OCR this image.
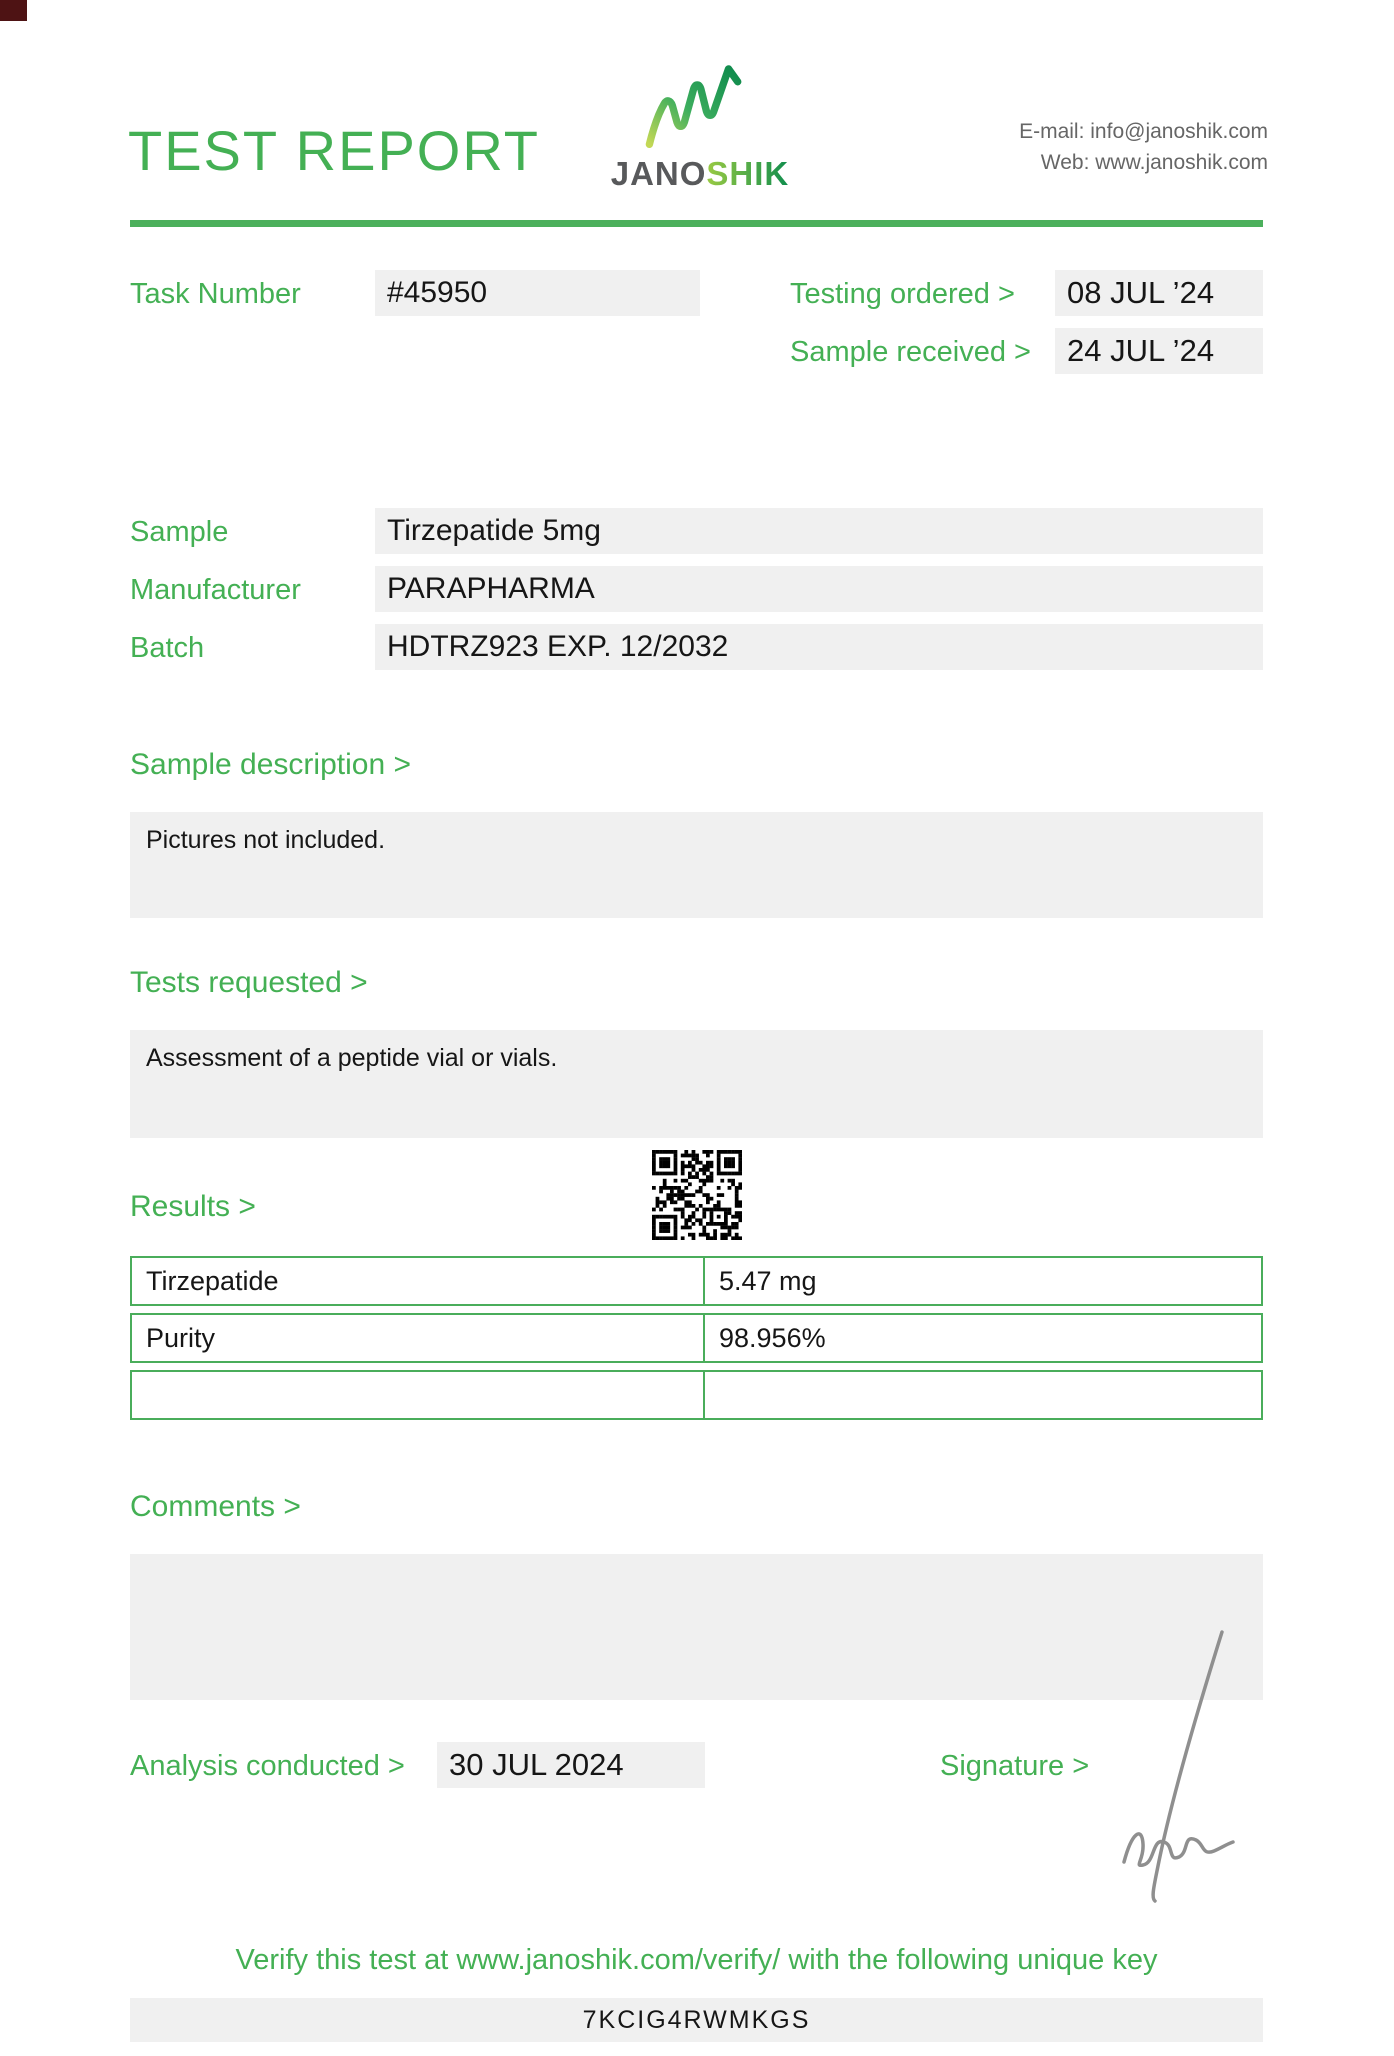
TEST REPORT	JANOSHIK
E-mail: info@janoshik.com
Web: www.janoshik.com
Task Number	#45950	Testing ordered >	08 JUL ’24
Sample received >	24 JUL ’24
Sample	Tirzepatide 5mg
Manufacturer	PARAPHARMA
Batch	HDTRZ923 EXP. 12/2032
Sample description >
Pictures not included.
Tests requested >
Assessment of a peptide vial or vials.
Results >
Tirzepatide	5.47 mg
Purity	98.956%
Comments >
Analysis conducted >	30 JUL 2024	Signature >
Verify this test at www.janoshik.com/verify/ with the following unique key
7KCIG4RWMKGS
